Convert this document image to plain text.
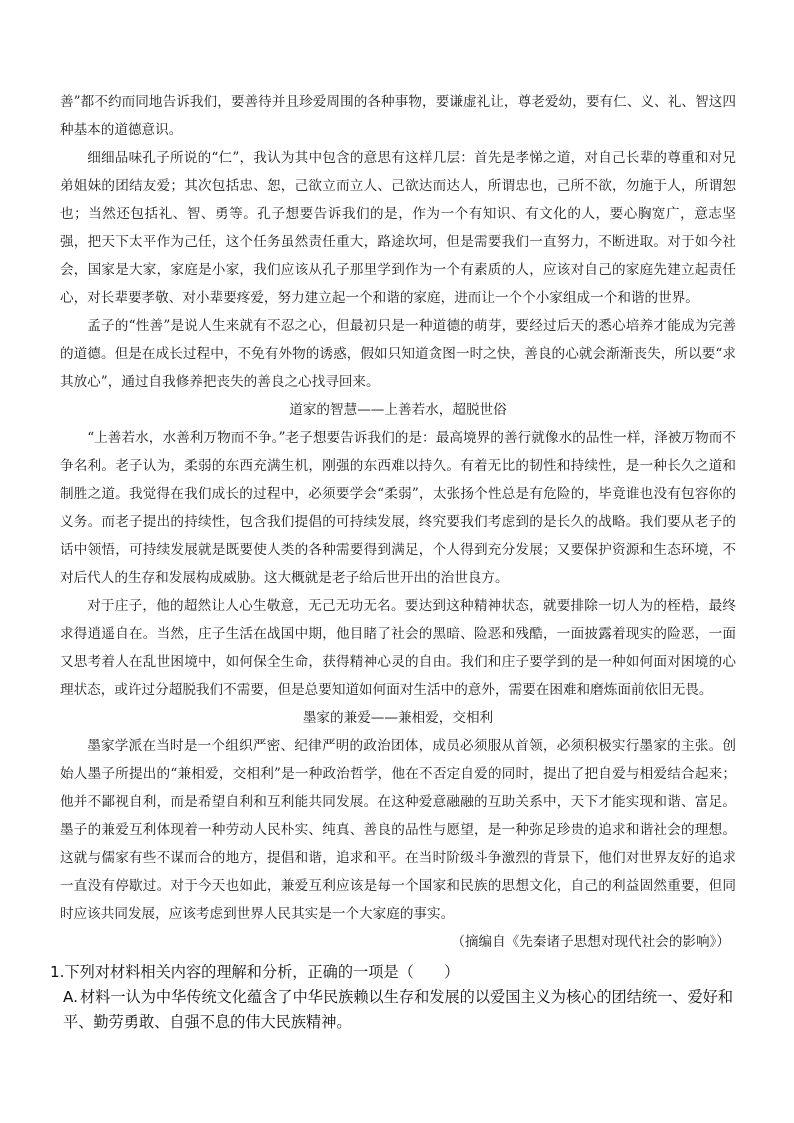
善”都不约而同地告诉我们，要善待并且珍爱周围的各种事物，要谦虚礼让，尊老爱幼，要有仁、义、礼、智这四种基本的道德意识。

细细品味孔子所说的“仁”，我认为其中包含的意思有这样几层：首先是孝悌之道，对自己长辈的尊重和对兄弟姐妹的团结友爱；其次包括忠、恕，己欲立而立人、己欲达而达人，所谓忠也，己所不欲，勿施于人，所谓恕也；当然还包括礼、智、勇等。孔子想要告诉我们的是，作为一个有知识、有文化的人，要心胸宽广，意志坚强，把天下太平作为己任，这个任务虽然责任重大，路途坎坷，但是需要我们一直努力，不断进取。对于如今社会，国家是大家，家庭是小家，我们应该从孔子那里学到作为一个有素质的人，应该对自己的家庭先建立起责任心，对长辈要孝敬、对小辈要疼爱，努力建立起一个和谐的家庭，进而让一个个小家组成一个和谐的世界。

孟子的“性善”是说人生来就有不忍之心，但最初只是一种道德的萌芽，要经过后天的悉心培养才能成为完善的道德。但是在成长过程中，不免有外物的诱惑，假如只知道贪图一时之快，善良的心就会渐渐丧失，所以要“求其放心”，通过自我修养把丧失的善良之心找寻回来。

道家的智慧——上善若水，超脱世俗

“上善若水，水善利万物而不争。”老子想要告诉我们的是：最高境界的善行就像水的品性一样，泽被万物而不争名利。老子认为，柔弱的东西充满生机，刚强的东西难以持久。有着无比的韧性和持续性，是一种长久之道和制胜之道。我觉得在我们成长的过程中，必须要学会“柔弱”，太张扬个性总是有危险的，毕竟谁也没有包容你的义务。而老子提出的持续性，包含我们提倡的可持续发展，终究要我们考虑到的是长久的战略。我们要从老子的话中领悟，可持续发展就是既要使人类的各种需要得到满足，个人得到充分发展；又要保护资源和生态环境，不对后代人的生存和发展构成威胁。这大概就是老子给后世开出的治世良方。

对于庄子，他的超然让人心生敬意，无己无功无名。要达到这种精神状态，就要排除一切人为的桎梏，最终求得逍遥自在。当然，庄子生活在战国中期，他目睹了社会的黑暗、险恶和残酷，一面披露着现实的险恶，一面又思考着人在乱世困境中，如何保全生命，获得精神心灵的自由。我们和庄子要学到的是一种如何面对困境的心理状态，或许过分超脱我们不需要，但是总要知道如何面对生活中的意外，需要在困难和磨炼面前依旧无畏。

墨家的兼爱——兼相爱，交相利

墨家学派在当时是一个组织严密、纪律严明的政治团体，成员必须服从首领，必须积极实行墨家的主张。创始人墨子所提出的“兼相爱，交相利”是一种政治哲学，他在不否定自爱的同时，提出了把自爱与相爱结合起来；他并不鄙视自利，而是希望自利和互利能共同发展。在这种爱意融融的互助关系中，天下才能实现和谐、富足。墨子的兼爱互利体现着一种劳动人民朴实、纯真、善良的品性与愿望，是一种弥足珍贵的追求和谐社会的理想。这就与儒家有些不谋而合的地方，提倡和谐，追求和平。在当时阶级斗争激烈的背景下，他们对世界友好的追求一直没有停歇过。对于今天也如此，兼爱互利应该是每一个国家和民族的思想文化，自己的利益固然重要，但同时应该共同发展，应该考虑到世界人民其实是一个大家庭的事实。

（摘编自《先秦诸子思想对现代社会的影响》）

1.下列对材料相关内容的理解和分析，正确的一项是（　　）
A. 材料一认为中华传统文化蕴含了中华民族赖以生存和发展的以爱国主义为核心的团结统一、爱好和平、勤劳勇敢、自强不息的伟大民族精神。
